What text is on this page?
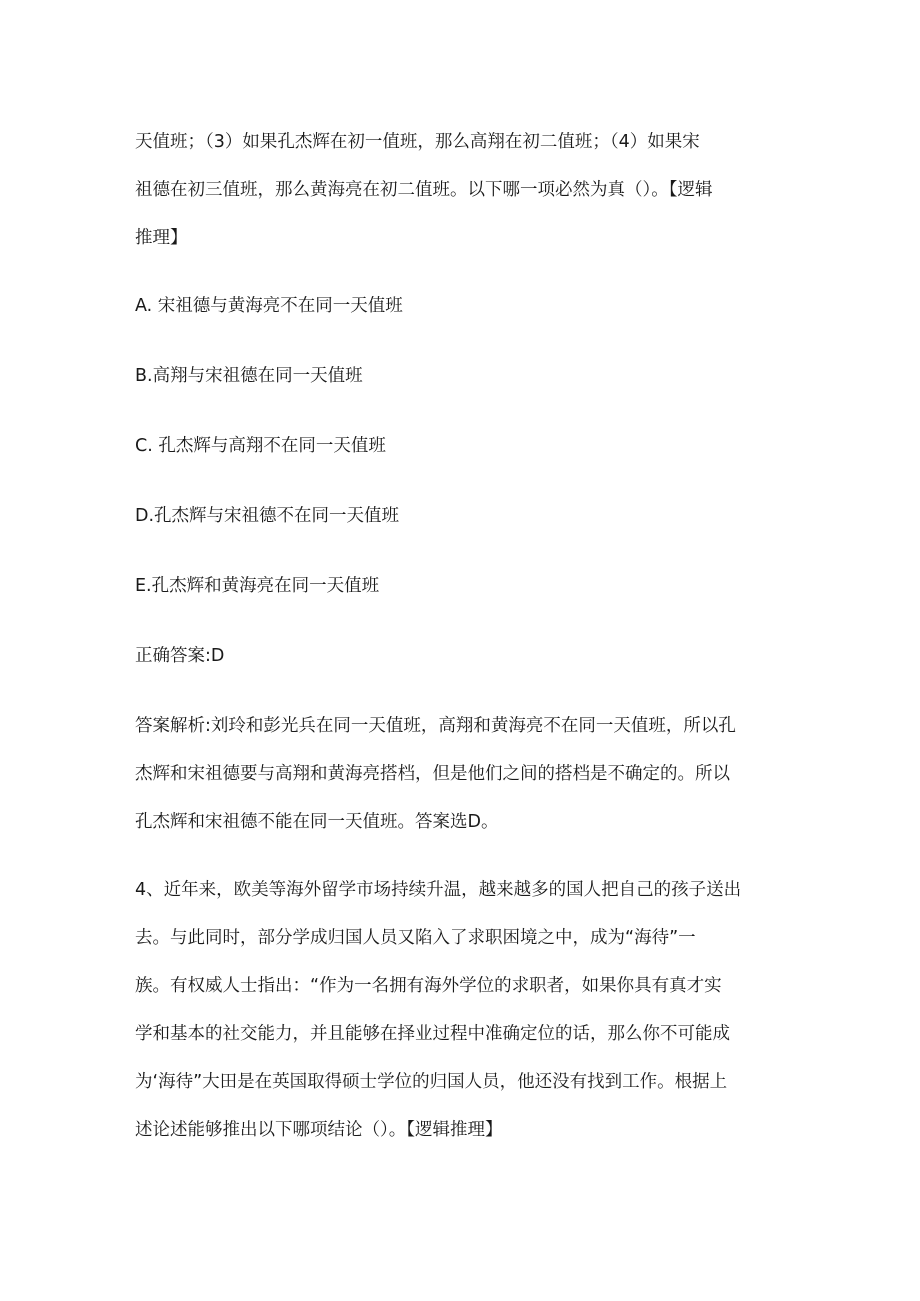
天值班；（3）如果孔杰辉在初一值班，那么高翔在初二值班；（4）如果宋
祖德在初三值班，那么黄海亮在初二值班。以下哪一项必然为真（）。【逻辑
推理】
A. 宋祖德与黄海亮不在同一天值班
B.高翔与宋祖德在同一天值班
C. 孔杰辉与高翔不在同一天值班
D.孔杰辉与宋祖德不在同一天值班
E.孔杰辉和黄海亮在同一天值班
正确答案:D
答案解析:刘玲和彭光兵在同一天值班，高翔和黄海亮不在同一天值班，所以孔
杰辉和宋祖德要与高翔和黄海亮搭档，但是他们之间的搭档是不确定的。所以
孔杰辉和宋祖德不能在同一天值班。答案选D。
4、近年来，欧美等海外留学市场持续升温，越来越多的国人把自己的孩子送出
去。与此同时，部分学成归国人员又陷入了求职困境之中，成为“海待”一
族。有权威人士指出：“作为一名拥有海外学位的求职者，如果你具有真才实
学和基本的社交能力，并且能够在择业过程中准确定位的话，那么你不可能成
为‘海待”大田是在英国取得硕士学位的归国人员，他还没有找到工作。根据上
述论述能够推出以下哪项结论（）。【逻辑推理】
